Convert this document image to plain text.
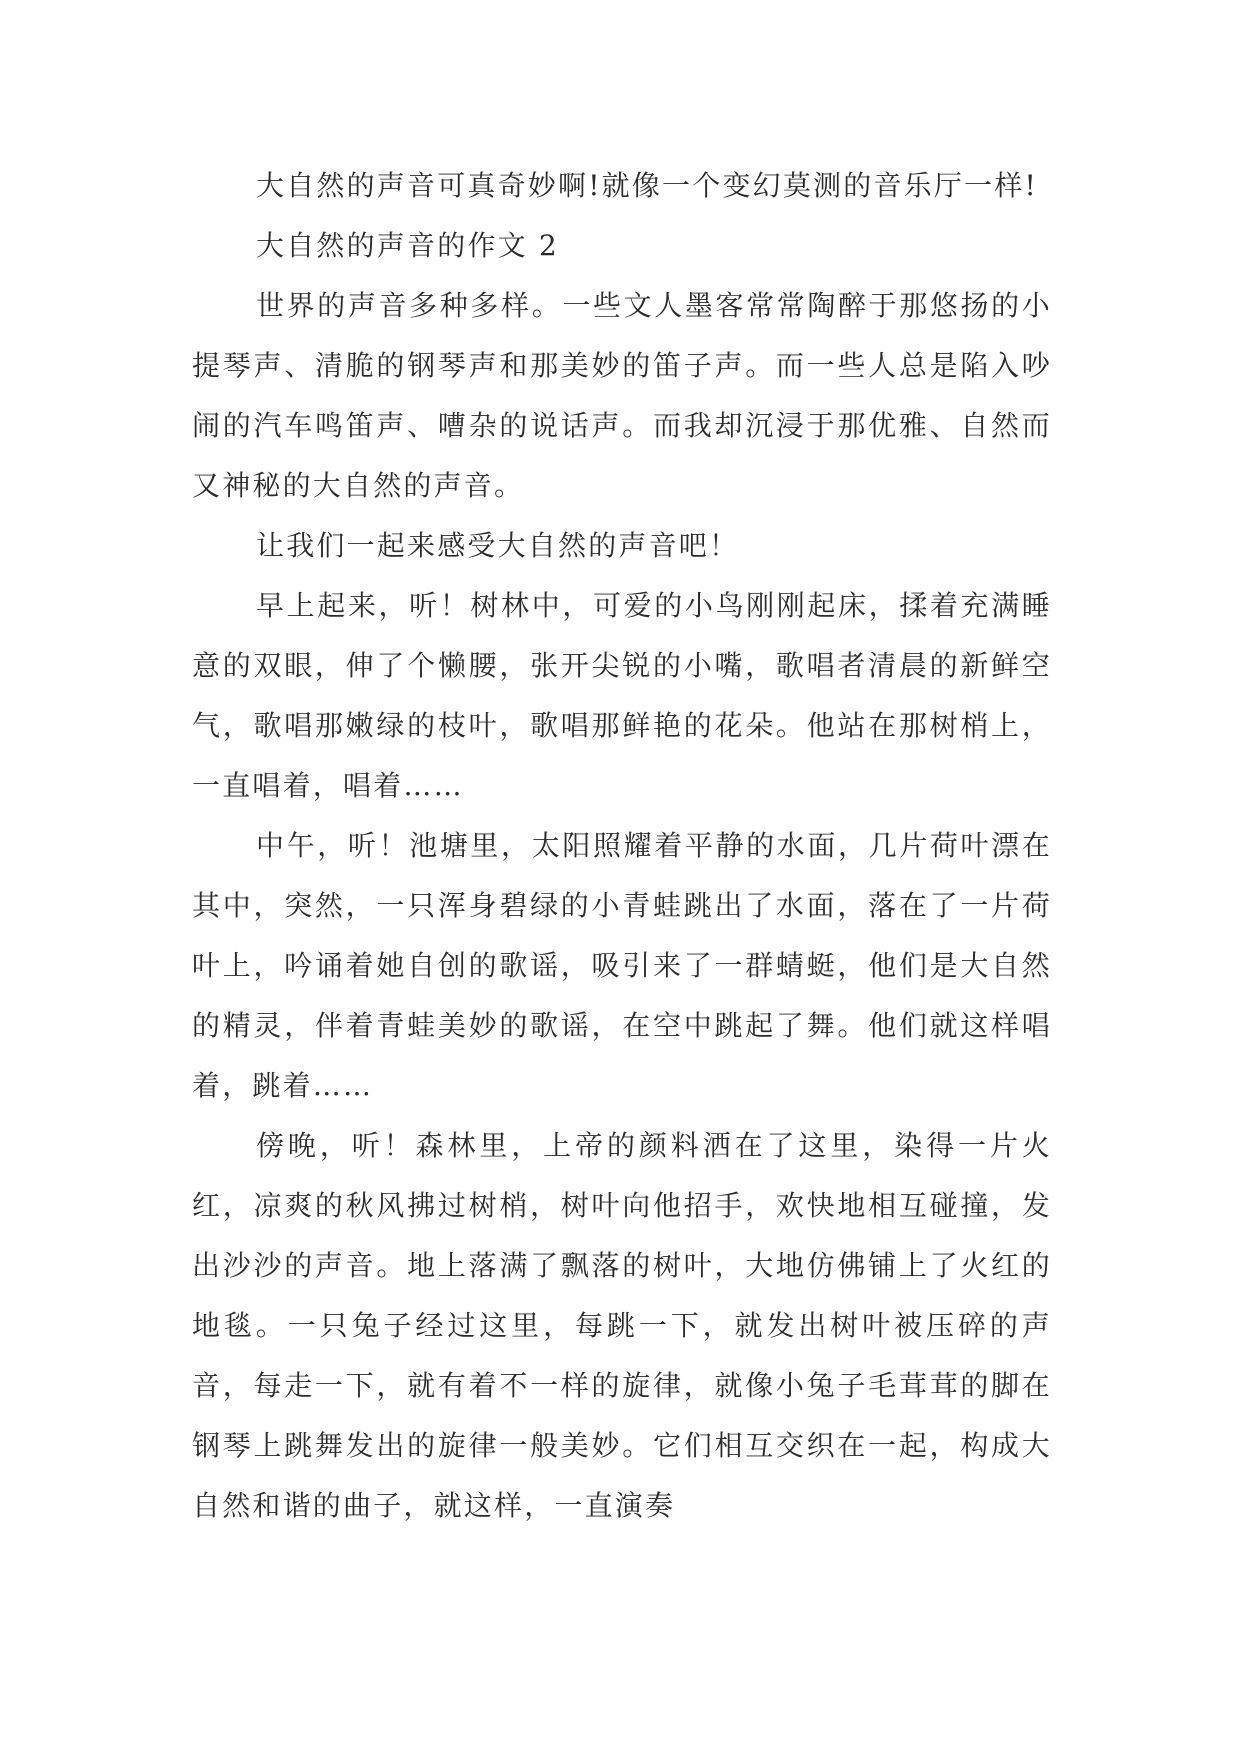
大自然的声音可真奇妙啊!就像一个变幻莫测的音乐厅一样!

大自然的声音的作文 2

世界的声音多种多样。一些文人墨客常常陶醉于那悠扬的小提琴声、清脆的钢琴声和那美妙的笛子声。而一些人总是陷入吵闹的汽车鸣笛声、嘈杂的说话声。而我却沉浸于那优雅、自然而又神秘的大自然的声音。

让我们一起来感受大自然的声音吧！

早上起来，听！树林中，可爱的小鸟刚刚起床，揉着充满睡意的双眼，伸了个懒腰，张开尖锐的小嘴，歌唱者清晨的新鲜空气，歌唱那嫩绿的枝叶，歌唱那鲜艳的花朵。他站在那树梢上，一直唱着，唱着……

中午，听！池塘里，太阳照耀着平静的水面，几片荷叶漂在其中，突然，一只浑身碧绿的小青蛙跳出了水面，落在了一片荷叶上，吟诵着她自创的歌谣，吸引来了一群蜻蜓，他们是大自然的精灵，伴着青蛙美妙的歌谣，在空中跳起了舞。他们就这样唱着，跳着……

傍晚，听！森林里，上帝的颜料洒在了这里，染得一片火红，凉爽的秋风拂过树梢，树叶向他招手，欢快地相互碰撞，发出沙沙的声音。地上落满了飘落的树叶，大地仿佛铺上了火红的地毯。一只兔子经过这里，每跳一下，就发出树叶被压碎的声音，每走一下，就有着不一样的旋律，就像小兔子毛茸茸的脚在钢琴上跳舞发出的旋律一般美妙。它们相互交织在一起，构成大自然和谐的曲子，就这样，一直演奏
